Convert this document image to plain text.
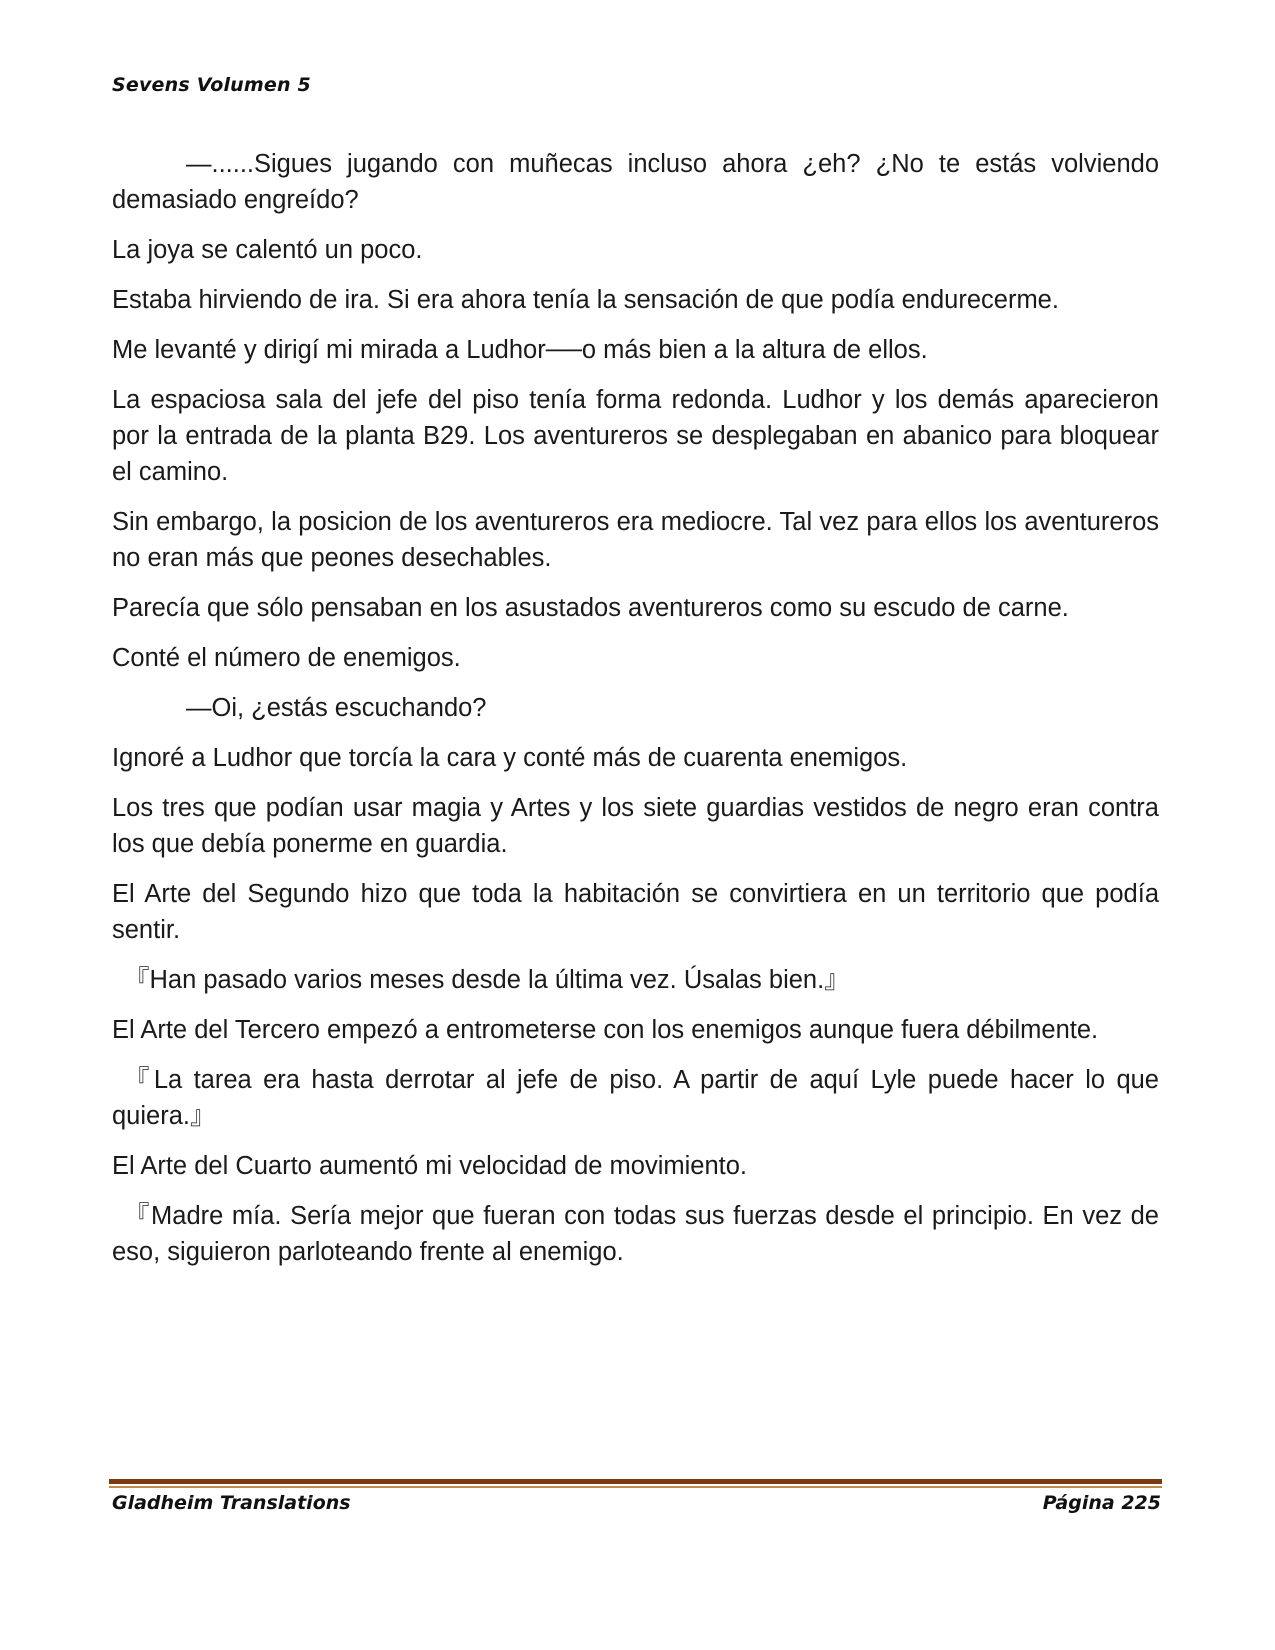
Sevens Volumen 5

—......Sigues jugando con muñecas incluso ahora ¿eh? ¿No te estás volviendo demasiado engreído?

La joya se calentó un poco.

Estaba hirviendo de ira. Si era ahora tenía la sensación de que podía endurecerme.

Me levanté y dirigí mi mirada a Ludhor──o más bien a la altura de ellos.

La espaciosa sala del jefe del piso tenía forma redonda. Ludhor y los demás aparecieron por la entrada de la planta B29. Los aventureros se desplegaban en abanico para bloquear el camino.

Sin embargo, la posicion de los aventureros era mediocre. Tal vez para ellos los aventureros no eran más que peones desechables.

Parecía que sólo pensaban en los asustados aventureros como su escudo de carne.

Conté el número de enemigos.

—Oi, ¿estás escuchando?

Ignoré a Ludhor que torcía la cara y conté más de cuarenta enemigos.

Los tres que podían usar magia y Artes y los siete guardias vestidos de negro eran contra los que debía ponerme en guardia.

El Arte del Segundo hizo que toda la habitación se convirtiera en un territorio que podía sentir.

『Han pasado varios meses desde la última vez. Úsalas bien.』

El Arte del Tercero empezó a entrometerse con los enemigos aunque fuera débilmente.

『La tarea era hasta derrotar al jefe de piso. A partir de aquí Lyle puede hacer lo que quiera.』

El Arte del Cuarto aumentó mi velocidad de movimiento.

『Madre mía. Sería mejor que fueran con todas sus fuerzas desde el principio. En vez de eso, siguieron parloteando frente al enemigo.

Gladheim Translations	Página 225
